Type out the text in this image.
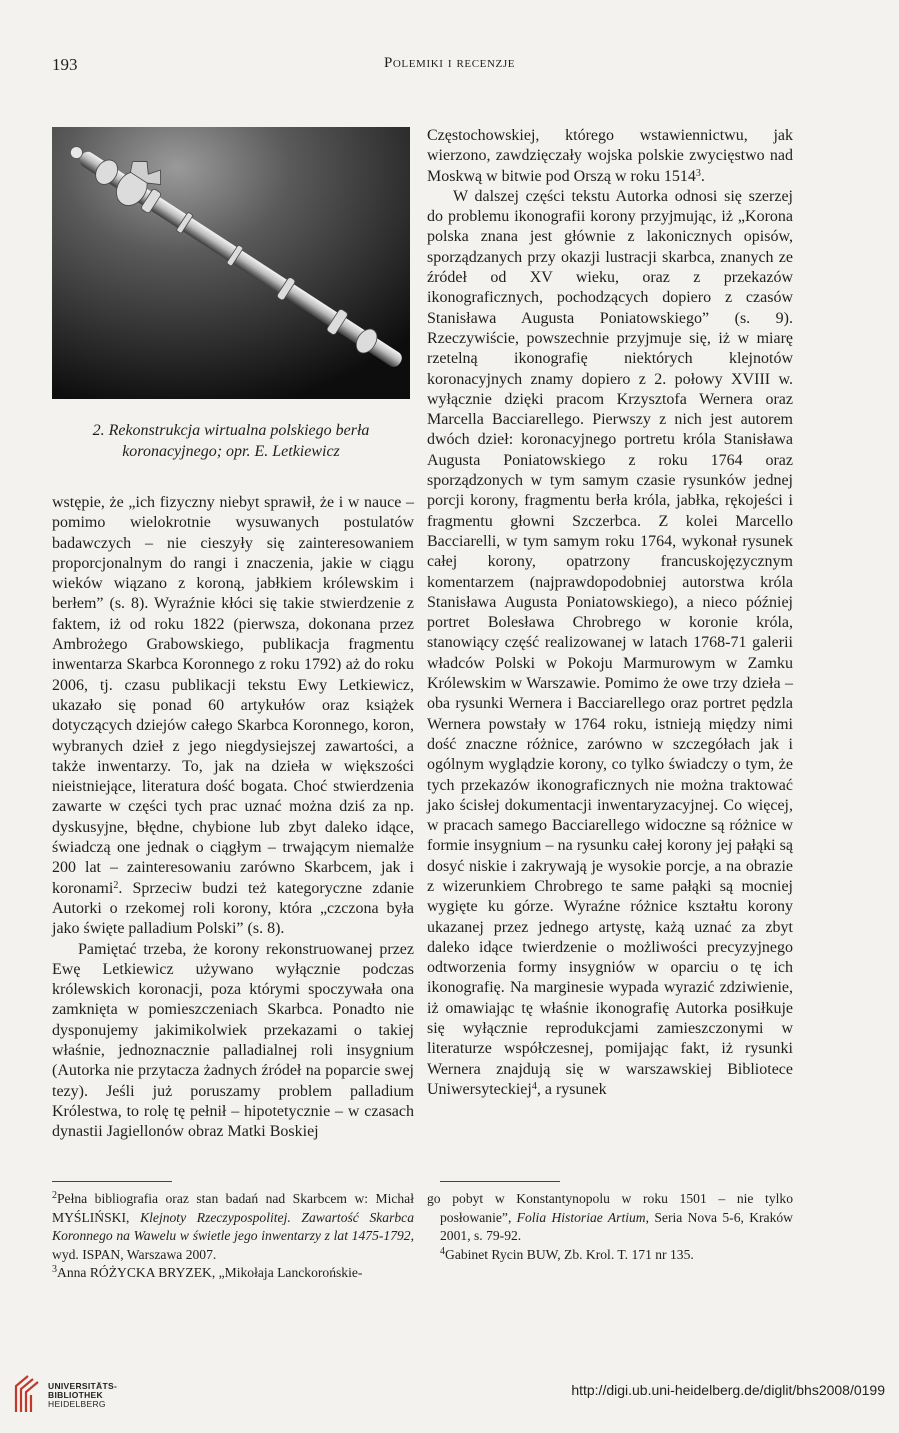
193	Polemiki i recenzje
2. Rekonstrukcja wirtualna polskiego berła
koronacyjnego; opr. E. Letkiewicz

wstępie, że „ich fizyczny niebyt sprawił, że i w nauce – pomimo wielokrotnie wysuwanych postulatów badawczych – nie cieszyły się zainteresowaniem proporcjonalnym do rangi i znaczenia, jakie w ciągu wieków wiązano z koroną, jabłkiem królewskim i berłem” (s. 8). Wyraźnie kłóci się takie stwierdzenie z faktem, iż od roku 1822 (pierwsza, dokonana przez Ambrożego Grabowskiego, publikacja fragmentu inwentarza Skarbca Koronnego z roku 1792) aż do roku 2006, tj. czasu publikacji tekstu Ewy Letkiewicz, ukazało się ponad 60 artykułów oraz książek dotyczących dziejów całego Skarbca Koronnego, koron, wybranych dzieł z jego niegdysiejszej zawartości, a także inwentarzy. To, jak na dzieła w większości nieistniejące, literatura dość bogata. Choć stwierdzenia zawarte w części tych prac uznać można dziś za np. dyskusyjne, błędne, chybione lub zbyt daleko idące, świadczą one jednak o ciągłym – trwającym niemalże 200 lat – zainteresowaniu zarówno Skarbcem, jak i koronami$^2$. Sprzeciw budzi też kategoryczne zdanie Autorki o rzekomej roli korony, która „czczona była jako święte palladium Polski” (s. 8).

Pamiętać trzeba, że korony rekonstruowanej przez Ewę Letkiewicz używano wyłącznie podczas królewskich koronacji, poza którymi spoczywała ona zamknięta w pomieszczeniach Skarbca. Ponadto nie dysponujemy jakimikolwiek przekazami o takiej właśnie, jednoznacznie palladialnej roli insygnium (Autorka nie przytacza żadnych źródeł na poparcie swej tezy). Jeśli już poruszamy problem palladium Królestwa, to rolę tę pełnił – hipotetycznie – w czasach dynastii Jagiellonów obraz Matki Boskiej

Częstochowskiej, którego wstawiennictwu, jak wierzono, zawdzięczały wojska polskie zwycięstwo nad Moskwą w bitwie pod Orszą w roku 1514$^3$.

W dalszej części tekstu Autorka odnosi się szerzej do problemu ikonografii korony przyjmując, iż „Korona polska znana jest głównie z lakonicznych opisów, sporządzanych przy okazji lustracji skarbca, znanych ze źródeł od XV wieku, oraz z przekazów ikonograficznych, pochodzących dopiero z czasów Stanisława Augusta Poniatowskiego” (s. 9). Rzeczywiście, powszechnie przyjmuje się, iż w miarę rzetelną ikonografię niektórych klejnotów koronacyjnych znamy dopiero z 2. połowy XVIII w. wyłącznie dzięki pracom Krzysztofa Wernera oraz Marcella Bacciarellego. Pierwszy z nich jest autorem dwóch dzieł: koronacyjnego portretu króla Stanisława Augusta Poniatowskiego z roku 1764 oraz sporządzonych w tym samym czasie rysunków jednej porcji korony, fragmentu berła króla, jabłka, rękojeści i fragmentu głowni Szczerbca. Z kolei Marcello Bacciarelli, w tym samym roku 1764, wykonał rysunek całej korony, opatrzony francuskojęzycznym komentarzem (najprawdopodobniej autorstwa króla Stanisława Augusta Poniatowskiego), a nieco później portret Bolesława Chrobrego w koronie króla, stanowiący część realizowanej w latach 1768-71 galerii władców Polski w Pokoju Marmurowym w Zamku Królewskim w Warszawie. Pomimo że owe trzy dzieła – oba rysunki Wernera i Bacciarellego oraz portret pędzla Wernera powstały w 1764 roku, istnieją między nimi dość znaczne różnice, zarówno w szczegółach jak i ogólnym wyglądzie korony, co tylko świadczy o tym, że tych przekazów ikonograficznych nie można traktować jako ścisłej dokumentacji inwentaryzacyjnej. Co więcej, w pracach samego Bacciarellego widoczne są różnice w formie insygnium – na rysunku całej korony jej pałąki są dosyć niskie i zakrywają je wysokie porcje, a na obrazie z wizerunkiem Chrobrego te same pałąki są mocniej wygięte ku górze. Wyraźne różnice kształtu korony ukazanej przez jednego artystę, każą uznać za zbyt daleko idące twierdzenie o możliwości precyzyjnego odtworzenia formy insygniów w oparciu o tę ich ikonografię. Na marginesie wypada wyrazić zdziwienie, iż omawiając tę właśnie ikonografię Autorka posiłkuje się wyłącznie reprodukcjami zamieszczonymi w literaturze współczesnej, pomijając fakt, iż rysunki Wernera znajdują się w warszawskiej Bibliotece Uniwersyteckiej$^4$, a rysunek

$^2$Pełna bibliografia oraz stan badań nad Skarbcem w: Michał MYŚLIŃSKI, Klejnoty Rzeczypospolitej. Zawartość Skarbca Koronnego na Wawelu w świetle jego inwentarzy z lat 1475-1792, wyd. ISPAN, Warszawa 2007.

$^3$Anna RÓŻYCKA BRYZEK, „Mikołaja Lanckorońskie-

go pobyt w Konstantynopolu w roku 1501 – nie tylko posłowanie”, Folia Historiae Artium, Seria Nova 5-6, Kraków 2001, s. 79-92.

$^4$Gabinet Rycin BUW, Zb. Krol. T. 171 nr 135.

UNIVERSITÄTS-
BIBLIOTHEK
HEIDELBERG
http://digi.ub.uni-heidelberg.de/diglit/bhs2008/0199
